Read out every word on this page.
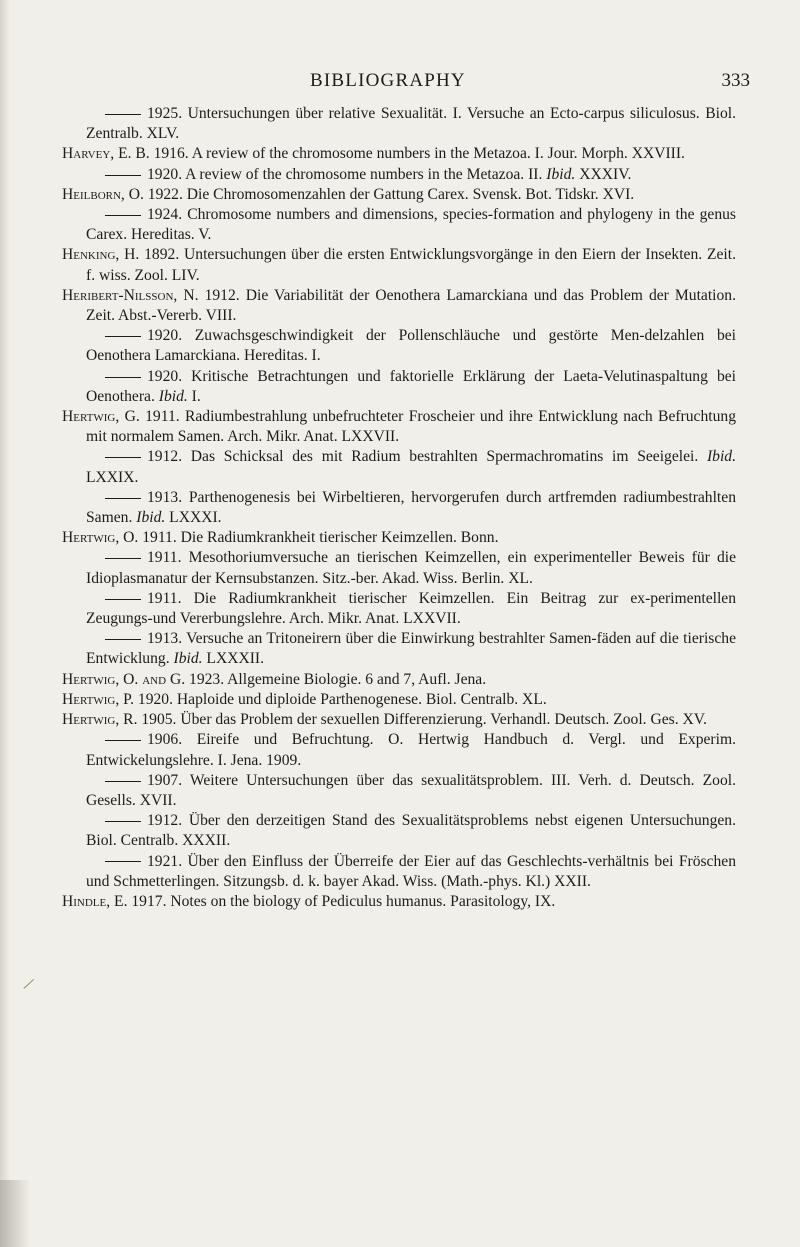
BIBLIOGRAPHY	333

1925. Untersuchungen über relative Sexualität. I. Versuche an Ecto-carpus siliculosus. Biol. Zentralb. XLV.

Harvey, E. B. 1916. A review of the chromosome numbers in the Metazoa. I. Jour. Morph. XXVIII.

1920. A review of the chromosome numbers in the Metazoa. II. Ibid. XXXIV.

Heilborn, O. 1922. Die Chromosomenzahlen der Gattung Carex. Svensk. Bot. Tidskr. XVI.

1924. Chromosome numbers and dimensions, species-formation and phylogeny in the genus Carex. Hereditas. V.

Henking, H. 1892. Untersuchungen über die ersten Entwicklungsvorgänge in den Eiern der Insekten. Zeit. f. wiss. Zool. LIV.

Heribert-Nilsson, N. 1912. Die Variabilität der Oenothera Lamarckiana und das Problem der Mutation. Zeit. Abst.-Vererb. VIII.

1920. Zuwachsgeschwindigkeit der Pollenschläuche und gestörte Men-delzahlen bei Oenothera Lamarckiana. Hereditas. I.

1920. Kritische Betrachtungen und faktorielle Erklärung der Laeta-Velutinaspaltung bei Oenothera. Ibid. I.

Hertwig, G. 1911. Radiumbestrahlung unbefruchteter Froscheier und ihre Entwicklung nach Befruchtung mit normalem Samen. Arch. Mikr. Anat. LXXVII.

1912. Das Schicksal des mit Radium bestrahlten Spermachromatins im Seeigelei. Ibid. LXXIX.

1913. Parthenogenesis bei Wirbeltieren, hervorgerufen durch artfremden radiumbestrahlten Samen. Ibid. LXXXI.

Hertwig, O. 1911. Die Radiumkrankheit tierischer Keimzellen. Bonn.

1911. Mesothoriumversuche an tierischen Keimzellen, ein experimenteller Beweis für die Idioplasmanatur der Kernsubstanzen. Sitz.-ber. Akad. Wiss. Berlin. XL.

1911. Die Radiumkrankheit tierischer Keimzellen. Ein Beitrag zur ex-perimentellen Zeugungs-und Vererbungslehre. Arch. Mikr. Anat. LXXVII.

1913. Versuche an Tritoneirern über die Einwirkung bestrahlter Samen-fäden auf die tierische Entwicklung. Ibid. LXXXII.

Hertwig, O. and G. 1923. Allgemeine Biologie. 6 and 7, Aufl. Jena.

Hertwig, P. 1920. Haploide und diploide Parthenogenese. Biol. Centralb. XL.

Hertwig, R. 1905. Über das Problem der sexuellen Differenzierung. Verhandl. Deutsch. Zool. Ges. XV.

1906. Eireife und Befruchtung. O. Hertwig Handbuch d. Vergl. und Experim. Entwickelungslehre. I. Jena. 1909.

1907. Weitere Untersuchungen über das sexualitätsproblem. III. Verh. d. Deutsch. Zool. Gesells. XVII.

1912. Über den derzeitigen Stand des Sexualitätsproblems nebst eigenen Untersuchungen. Biol. Centralb. XXXII.

1921. Über den Einfluss der Überreife der Eier auf das Geschlechts-verhältnis bei Fröschen und Schmetterlingen. Sitzungsb. d. k. bayer Akad. Wiss. (Math.-phys. Kl.) XXII.

Hindle, E. 1917. Notes on the biology of Pediculus humanus. Parasitology, IX.

/
